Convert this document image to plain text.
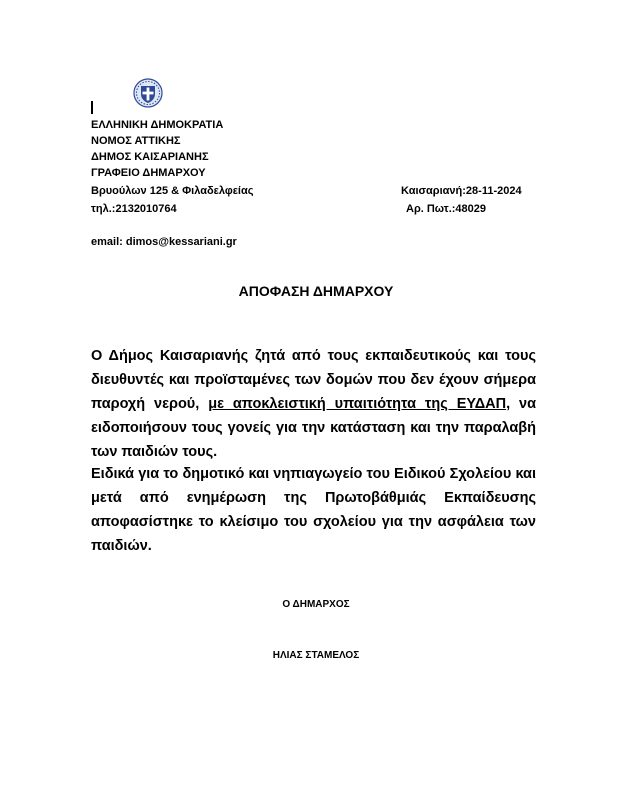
ΕΛΛΗΝΙΚΗ ΔΗΜΟΚΡΑΤΙΑ
ΝΟΜΟΣ ΑΤΤΙΚΗΣ
ΔΗΜΟΣ ΚΑΙΣΑΡΙΑΝΗΣ
ΓΡΑΦΕΙΟ ΔΗΜΑΡΧΟΥ
Βρυούλων 125 & Φιλαδελφείας
τηλ.:2132010764
email: dimos@kessariani.gr
Καισαριανή:28-11-2024
Αρ. Πωτ.:48029
ΑΠΟΦΑΣΗ ΔΗΜΑΡΧΟΥ
Ο Δήμος Καισαριανής ζητά από τους εκπαιδευτικούς και τους διευθυντές και προϊσταμένες των δομών που δεν έχουν σήμερα παροχή νερού, με αποκλειστική υπαιτιότητα της ΕΥΔΑΠ, να ειδοποιήσουν τους γονείς για την κατάσταση και την παραλαβή των παιδιών τους.
Ειδικά για το δημοτικό και νηπιαγωγείο του Ειδικού Σχολείου και μετά από ενημέρωση της Πρωτοβάθμιάς Εκπαίδευσης αποφασίστηκε το κλείσιμο του σχολείου για την ασφάλεια των παιδιών.
Ο ΔΗΜΑΡΧΟΣ
ΗΛΙΑΣ ΣΤΑΜΕΛΟΣ
